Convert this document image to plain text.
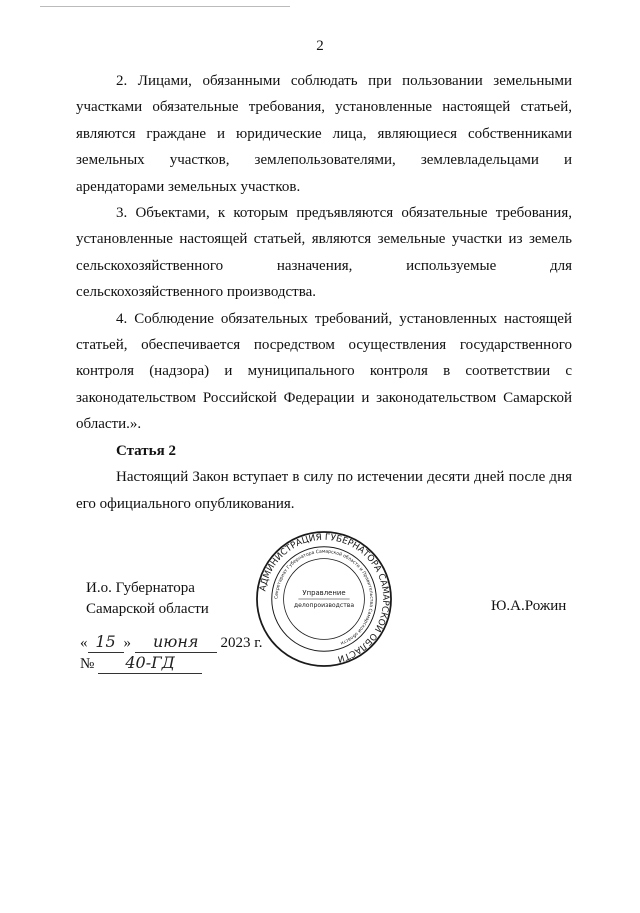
2

2. Лицами, обязанными соблюдать при пользовании земельными участками обязательные требования, установленные настоящей статьей, являются граждане и юридические лица, являющиеся собственниками земельных участков, землепользователями, землевладельцами и арендаторами земельных участков.

3. Объектами, к которым предъявляются обязательные требования, установленные настоящей статьей, являются земельные участки из земель сельскохозяйственного назначения, используемые для сельскохозяйственного производства.

4. Соблюдение обязательных требований, установленных настоящей статьей, обеспечивается посредством осуществления государственного контроля (надзора) и муниципального контроля в соответствии с законодательством Российской Федерации и законодательством Самарской области.».

Статья 2

Настоящий Закон вступает в силу по истечении десяти дней после дня его официального опубликования.

И.о. Губернатора
Самарской области	Ю.А.Рожин
« 15 » июня 2023 г.
№ 40-ГД
АДМИНИСТРАЦИЯ ГУБЕРНАТОРА САМАРСКОЙ ОБЛАСТИ
Секретариат Губернатора Самарской области и Правительства Самарской области
Управление
делопроизводства
